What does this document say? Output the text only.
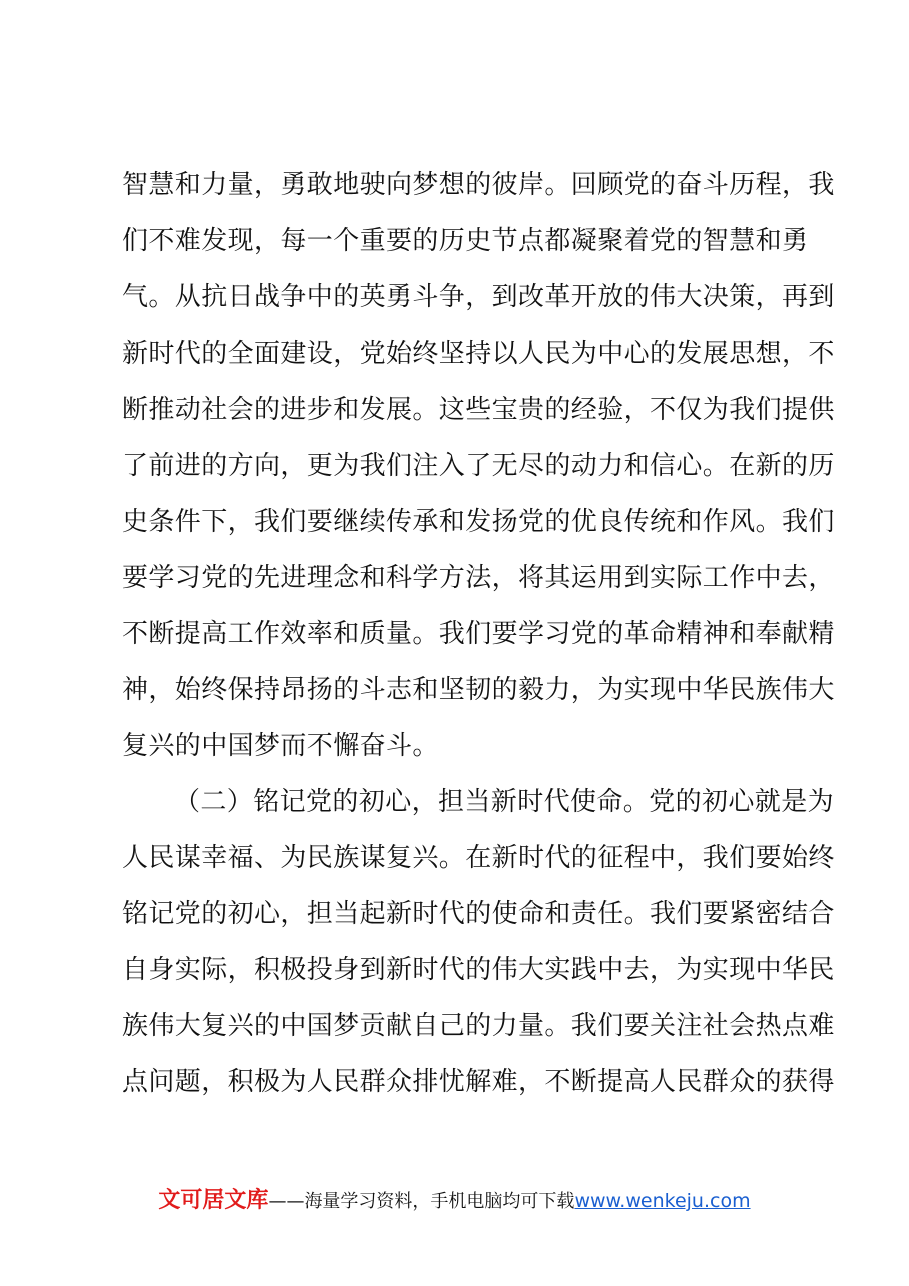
智慧和力量，勇敢地驶向梦想的彼岸。回顾党的奋斗历程，我
们不难发现，每一个重要的历史节点都凝聚着党的智慧和勇
气。从抗日战争中的英勇斗争，到改革开放的伟大决策，再到
新时代的全面建设，党始终坚持以人民为中心的发展思想，不
断推动社会的进步和发展。这些宝贵的经验，不仅为我们提供
了前进的方向，更为我们注入了无尽的动力和信心。在新的历
史条件下，我们要继续传承和发扬党的优良传统和作风。我们
要学习党的先进理念和科学方法，将其运用到实际工作中去，
不断提高工作效率和质量。我们要学习党的革命精神和奉献精
神，始终保持昂扬的斗志和坚韧的毅力，为实现中华民族伟大
复兴的中国梦而不懈奋斗。
（二）铭记党的初心，担当新时代使命。党的初心就是为
人民谋幸福、为民族谋复兴。在新时代的征程中，我们要始终
铭记党的初心，担当起新时代的使命和责任。我们要紧密结合
自身实际，积极投身到新时代的伟大实践中去，为实现中华民
族伟大复兴的中国梦贡献自己的力量。我们要关注社会热点难
点问题，积极为人民群众排忧解难，不断提高人民群众的获得
文可居文库——海量学习资料，手机电脑均可下载www.wenkeju.com
